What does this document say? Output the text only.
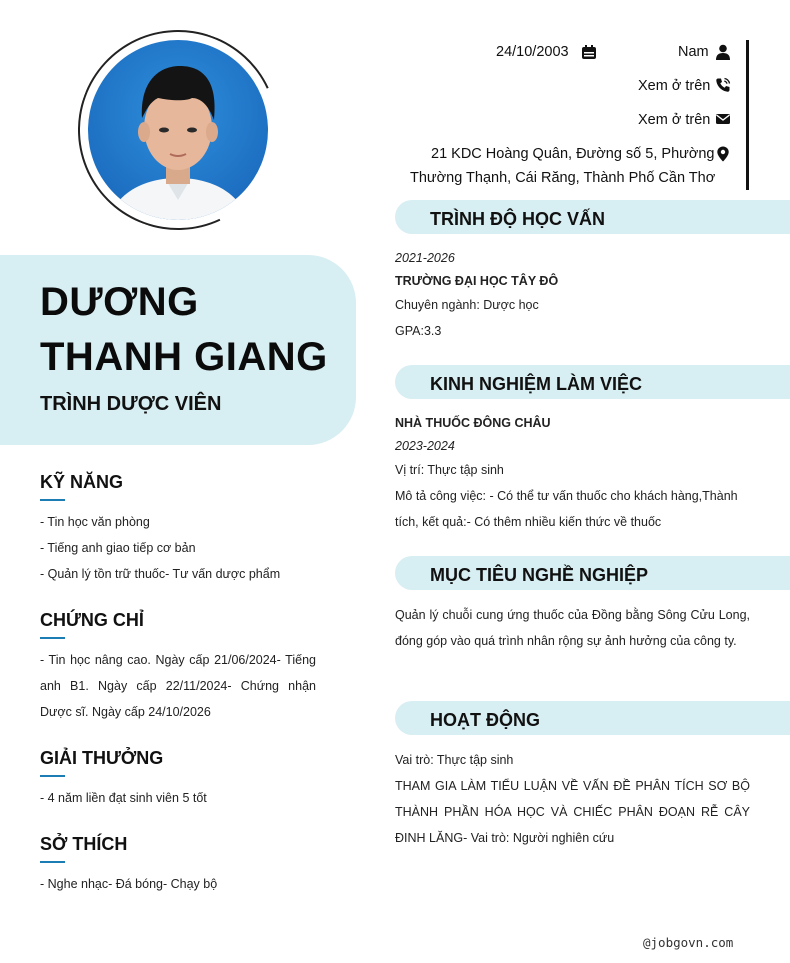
DƯƠNG
THANH GIANG
TRÌNH DƯỢC VIÊN
KỸ NĂNG
- Tin học văn phòng
- Tiếng anh giao tiếp cơ bản
- Quản lý tồn trữ thuốc- Tư vấn dược phẩm
CHỨNG CHỈ
- Tin học nâng cao. Ngày cấp 21/06/2024- Tiếng anh B1. Ngày cấp 22/11/2024- Chứng nhận Dược sĩ. Ngày cấp 24/10/2026
GIẢI THƯỞNG
- 4 năm liền đạt sinh viên 5 tốt
SỞ THÍCH
- Nghe nhạc- Đá bóng- Chạy bộ
24/10/2003	Nam
Xem ở trên
Xem ở trên
21 KDC Hoàng Quân, Đường số 5, Phường
Thường Thạnh, Cái Răng, Thành Phố Cần Thơ
TRÌNH ĐỘ HỌC VẤN
2021-2026
TRƯỜNG ĐẠI HỌC TÂY ĐÔ
Chuyên ngành: Dược học
GPA:3.3
KINH NGHIỆM LÀM VIỆC
NHÀ THUỐC ĐÔNG CHÂU
2023-2024
Vị trí: Thực tập sinh
Mô tả công việc: - Có thể tư vấn thuốc cho khách hàng,Thành tích, kết quả:- Có thêm nhiều kiến thức về thuốc
MỤC TIÊU NGHỀ NGHIỆP
Quản lý chuỗi cung ứng thuốc của Đồng bằng Sông Cửu Long, đóng góp vào quá trình nhân rộng sự ảnh hưởng của công ty.
HOẠT ĐỘNG
Vai trò: Thực tập sinh
THAM GIA LÀM TIỂU LUẬN VỀ VẤN ĐỀ PHÂN TÍCH SƠ BỘ THÀNH PHẦN HÓA HỌC VÀ CHIẾC PHÂN ĐOẠN RỄ CÂY ĐINH LĂNG- Vai trò: Người nghiên cứu
@jobgovn.com
